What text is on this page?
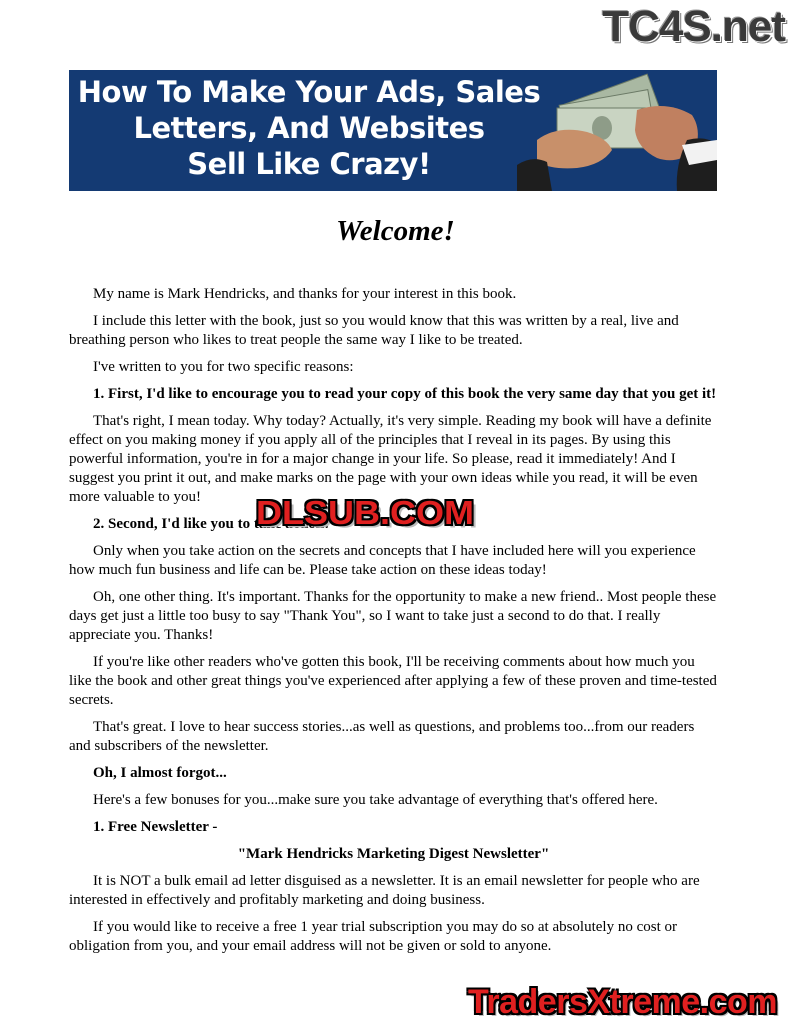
TC4S.net
How To Make Your Ads, Sales
Letters, And Websites
Sell Like Crazy!
Welcome!

My name is Mark Hendricks, and thanks for your interest in this book.

I include this letter with the book, just so you would know that this was written by a real, live and breathing person who likes to treat people the same way I like to be treated.

I've written to you for two specific reasons:

1. First, I'd like to encourage you to read your copy of this book the very same day that you get it!

That's right, I mean today. Why today? Actually, it's very simple. Reading my book will have a definite effect on you making money if you apply all of the principles that I reveal in its pages. By using this powerful information, you're in for a major change in your life. So please, read it immediately! And I suggest you print it out, and make marks on the page with your own ideas while you read, it will be even more valuable to you!

2. Second, I'd like you to take action:

Only when you take action on the secrets and concepts that I have included here will you experience how much fun business and life can be. Please take action on these ideas today!

Oh, one other thing. It's important. Thanks for the opportunity to make a new friend.. Most people these days get just a little too busy to say "Thank You", so I want to take just a second to do that. I really appreciate you. Thanks!

If you're like other readers who've gotten this book, I'll be receiving comments about how much you like the book and other great things you've experienced after applying a few of these proven and time-tested secrets.

That's great. I love to hear success stories...as well as questions, and problems too...from our readers and subscribers of the newsletter.

Oh, I almost forgot...

Here's a few bonuses for you...make sure you take advantage of everything that's offered here.

1. Free Newsletter -

"Mark Hendricks Marketing Digest Newsletter"

It is NOT a bulk email ad letter disguised as a newsletter. It is an email newsletter for people who are interested in effectively and profitably marketing and doing business.

If you would like to receive a free 1 year trial subscription you may do so at absolutely no cost or obligation from you, and your email address will not be given or sold to anyone.

DLSUB.COM
TradersXtreme.com
